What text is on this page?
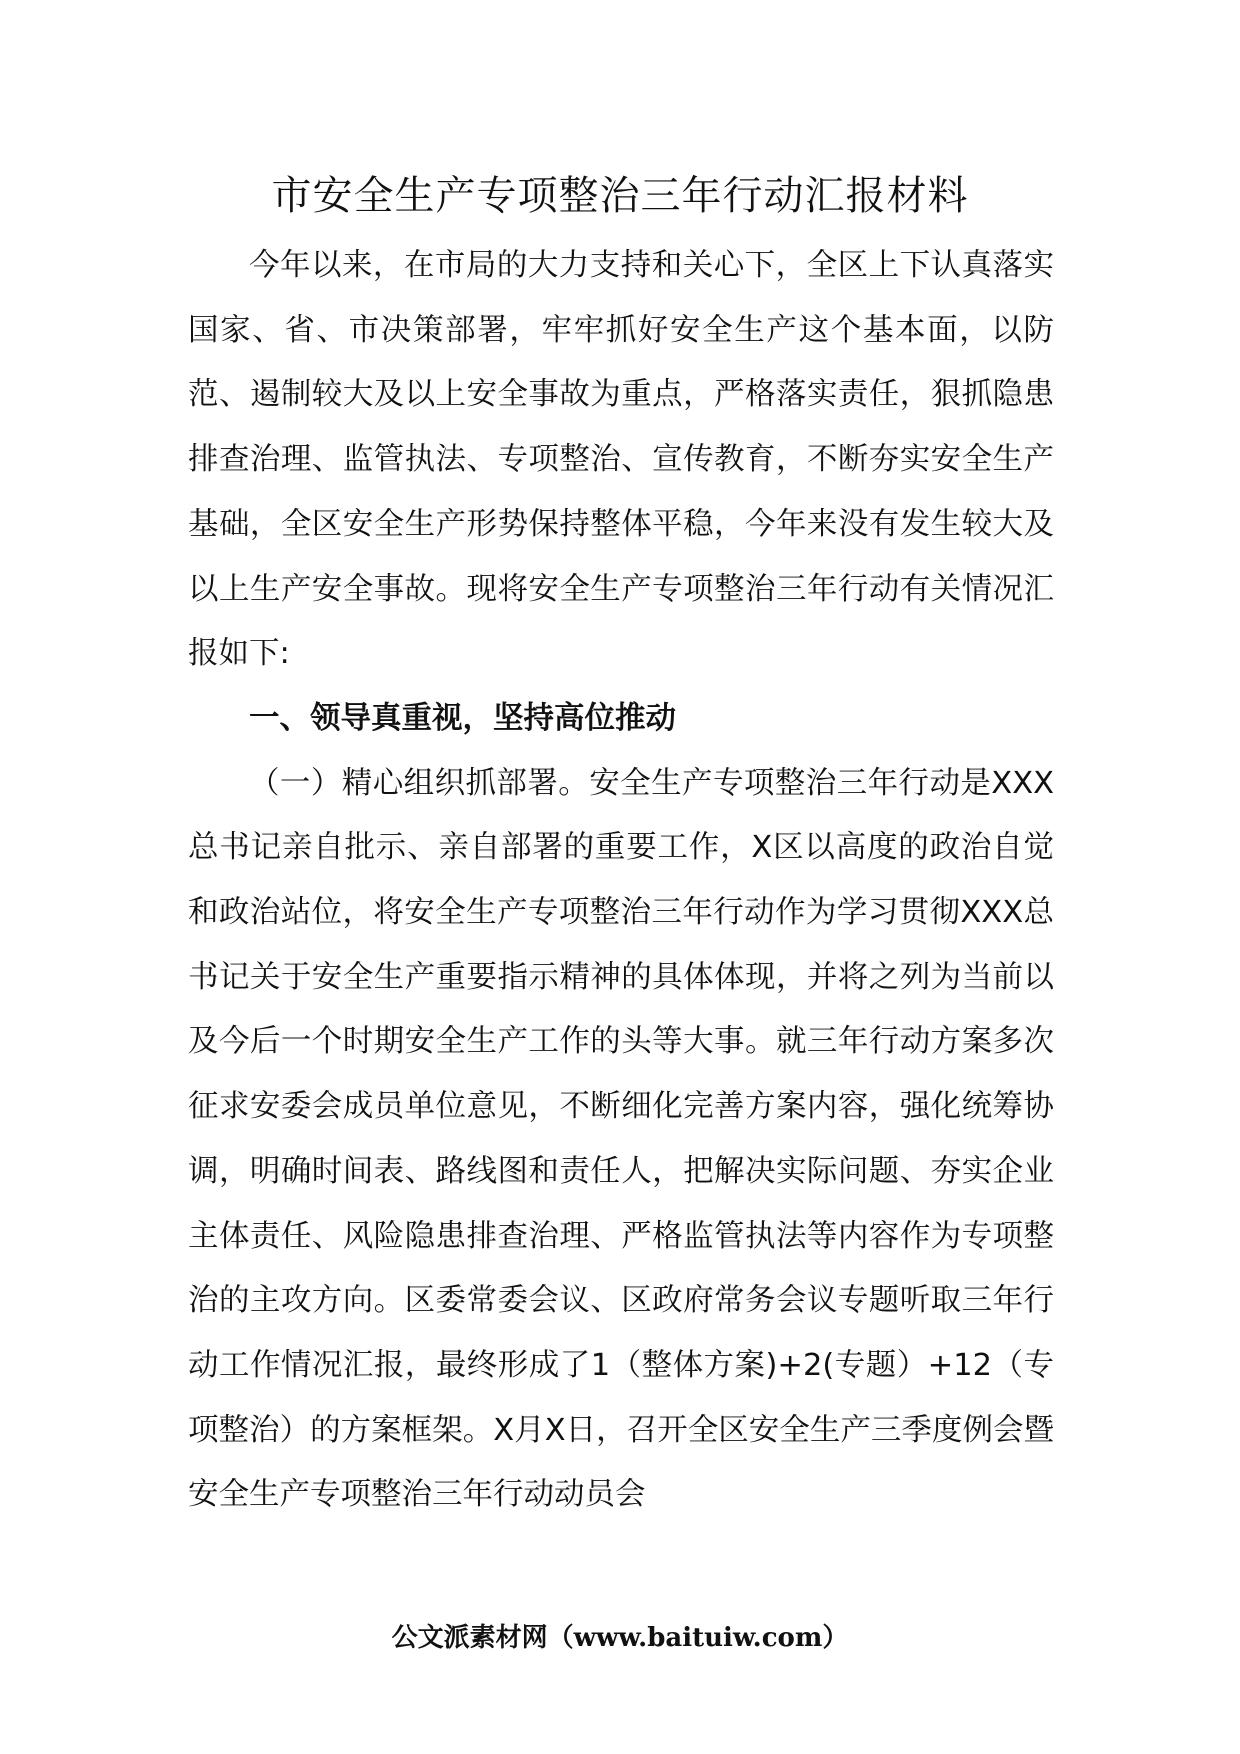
市安全生产专项整治三年行动汇报材料

今年以来，在市局的大力支持和关心下，全区上下认真落实国家、省、市决策部署，牢牢抓好安全生产这个基本面，以防范、遏制较大及以上安全事故为重点，严格落实责任，狠抓隐患排查治理、监管执法、专项整治、宣传教育，不断夯实安全生产基础，全区安全生产形势保持整体平稳，今年来没有发生较大及以上生产安全事故。现将安全生产专项整治三年行动有关情况汇报如下:

一、领导真重视，坚持高位推动

（一）精心组织抓部署。安全生产专项整治三年行动是XXX总书记亲自批示、亲自部署的重要工作，X区以高度的政治自觉和政治站位，将安全生产专项整治三年行动作为学习贯彻XXX总书记关于安全生产重要指示精神的具体体现，并将之列为当前以及今后一个时期安全生产工作的头等大事。就三年行动方案多次征求安委会成员单位意见，不断细化完善方案内容，强化统筹协调，明确时间表、路线图和责任人，把解决实际问题、夯实企业主体责任、风险隐患排查治理、严格监管执法等内容作为专项整治的主攻方向。区委常委会议、区政府常务会议专题听取三年行动工作情况汇报，最终形成了1（整体方案)+2(专题）+12（专项整治）的方案框架。X月X日，召开全区安全生产三季度例会暨安全生产专项整治三年行动动员会

公文派素材网（www.baituiw.com）
